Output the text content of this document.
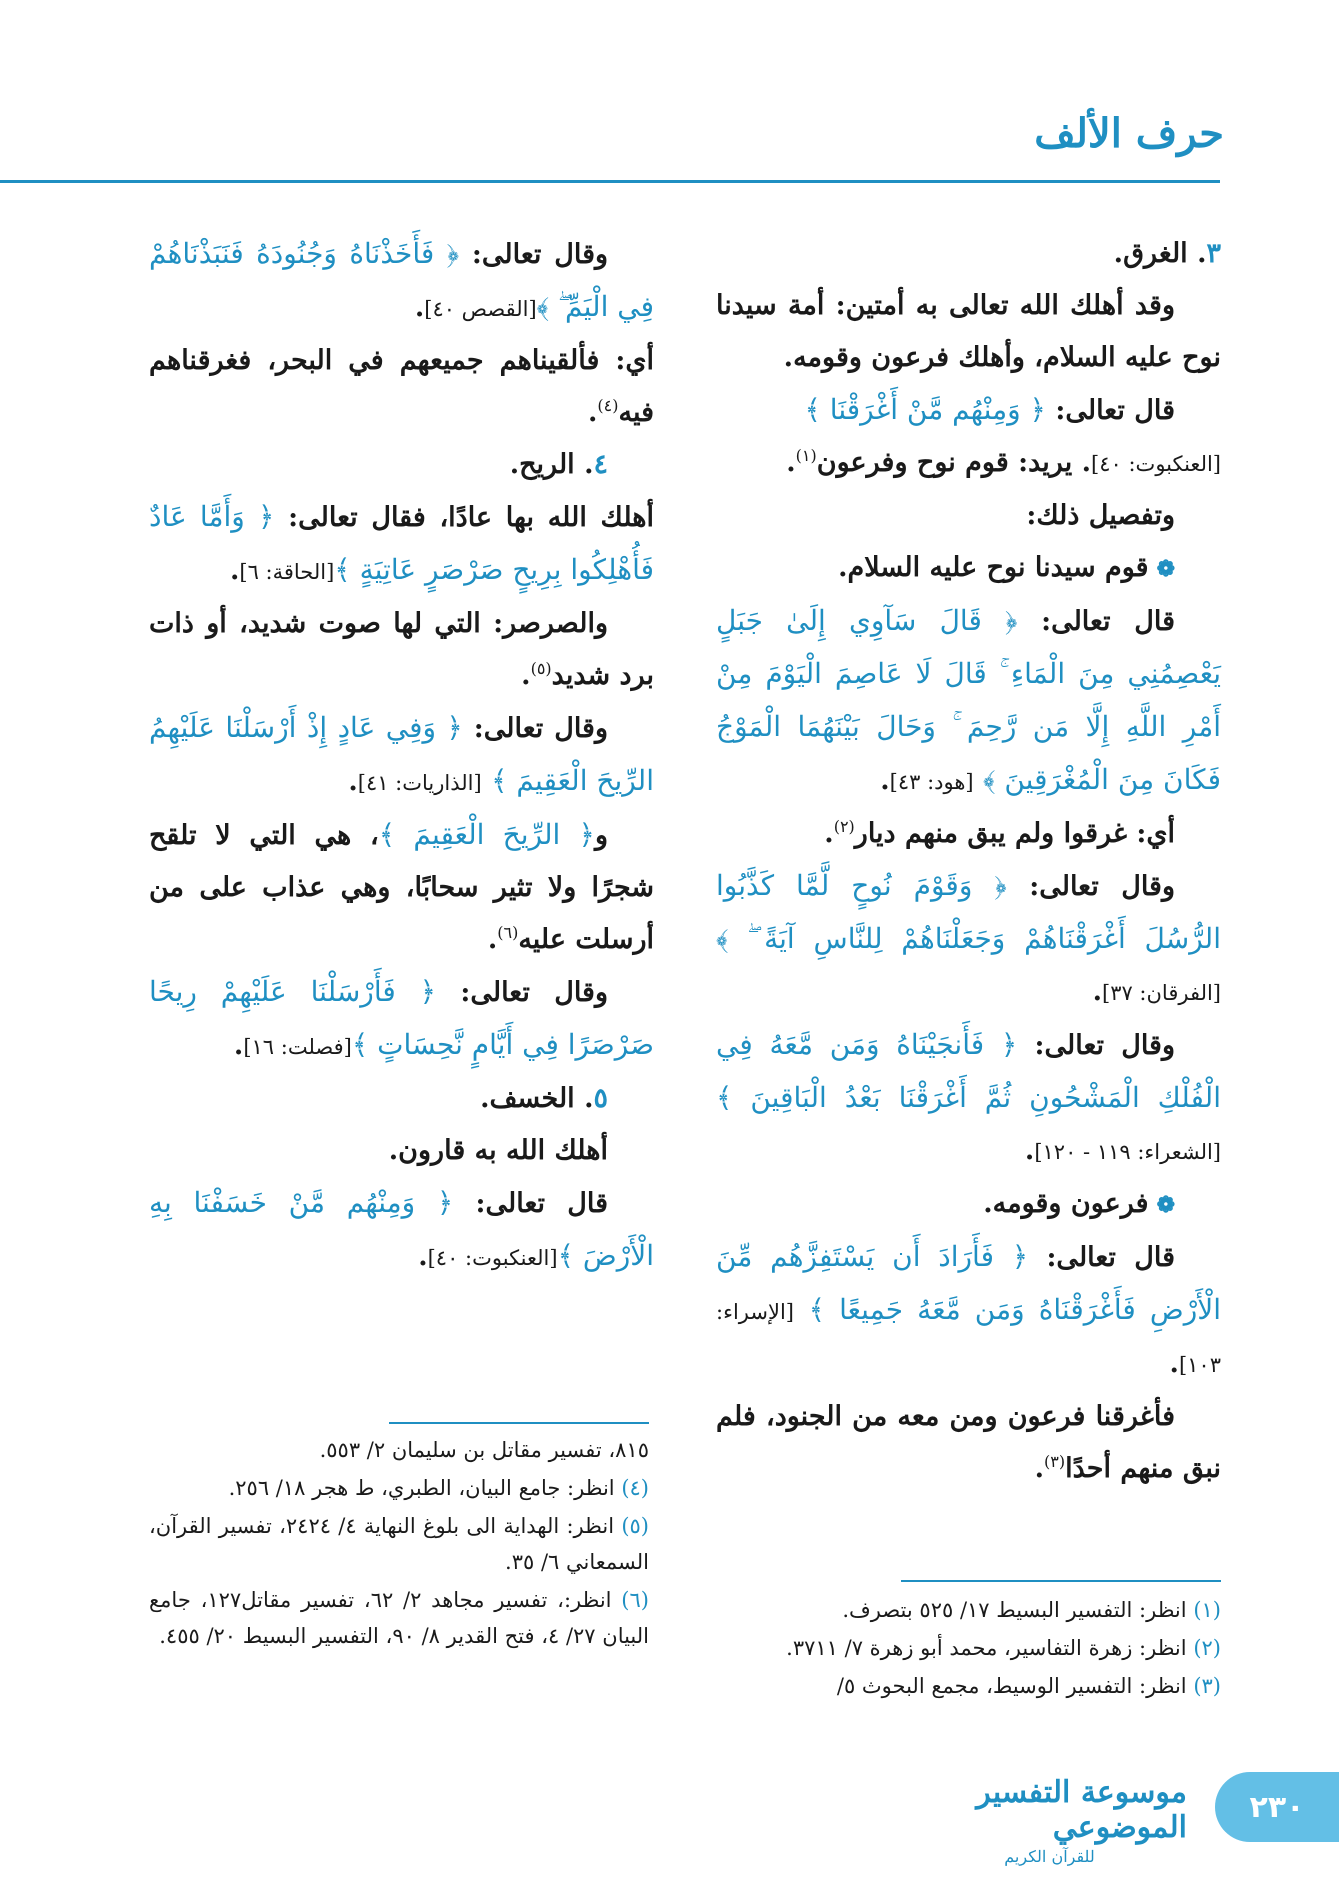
حرف الألف

٣. الغرق.

وقد أهلك الله تعالى به أمتين: أمة سيدنا نوح عليه السلام، وأهلك فرعون وقومه.

قال تعالى: ﴿ وَمِنْهُم مَّنْ أَغْرَقْنَا ﴾

[العنكبوت: ٤٠]. يريد: قوم نوح وفرعون$^{(١)}$.

وتفصيل ذلك:

❁قوم سيدنا نوح عليه السلام.

قال تعالى: ﴿ قَالَ سَآوِي إِلَىٰ جَبَلٍ يَعْصِمُنِي مِنَ الْمَاءِ ۚ قَالَ لَا عَاصِمَ الْيَوْمَ مِنْ أَمْرِ اللَّهِ إِلَّا مَن رَّحِمَ ۚ وَحَالَ بَيْنَهُمَا الْمَوْجُ فَكَانَ مِنَ الْمُغْرَقِينَ ﴾ [هود: ٤٣].

أي: غرقوا ولم يبق منهم ديار$^{(٢)}$.

وقال تعالى: ﴿ وَقَوْمَ نُوحٍ لَّمَّا كَذَّبُوا الرُّسُلَ أَغْرَقْنَاهُمْ وَجَعَلْنَاهُمْ لِلنَّاسِ آيَةً ۖ ﴾ [الفرقان: ٣٧].

وقال تعالى: ﴿ فَأَنجَيْنَاهُ وَمَن مَّعَهُ فِي الْفُلْكِ الْمَشْحُونِ ثُمَّ أَغْرَقْنَا بَعْدُ الْبَاقِينَ ﴾ [الشعراء: ١١٩ - ١٢٠].

❁فرعون وقومه.

قال تعالى: ﴿ فَأَرَادَ أَن يَسْتَفِزَّهُم مِّنَ الْأَرْضِ فَأَغْرَقْنَاهُ وَمَن مَّعَهُ جَمِيعًا ﴾ [الإسراء: ١٠٣].

فأغرقنا فرعون ومن معه من الجنود، فلم نبق منهم أحدًا$^{(٣)}$.

وقال تعالى: ﴿ فَأَخَذْنَاهُ وَجُنُودَهُ فَنَبَذْنَاهُمْ فِي الْيَمِّ ۖ ﴾[القصص ٤٠].

أي: فألقيناهم جميعهم في البحر، فغرقناهم فيه$^{(٤)}$.

٤. الريح.

أهلك الله بها عادًا، فقال تعالى: ﴿ وَأَمَّا عَادٌ فَأُهْلِكُوا بِرِيحٍ صَرْصَرٍ عَاتِيَةٍ ﴾[الحاقة: ٦].

والصرصر: التي لها صوت شديد، أو ذات برد شديد$^{(٥)}$.

وقال تعالى: ﴿ وَفِي عَادٍ إِذْ أَرْسَلْنَا عَلَيْهِمُ الرِّيحَ الْعَقِيمَ ﴾ [الذاريات: ٤١].

و﴿ الرِّيحَ الْعَقِيمَ ﴾، هي التي لا تلقح شجرًا ولا تثير سحابًا، وهي عذاب على من أرسلت عليه$^{(٦)}$.

وقال تعالى: ﴿ فَأَرْسَلْنَا عَلَيْهِمْ رِيحًا صَرْصَرًا فِي أَيَّامٍ نَّحِسَاتٍ ﴾[فصلت: ١٦].

٥. الخسف.

أهلك الله به قارون.

قال تعالى: ﴿ وَمِنْهُم مَّنْ خَسَفْنَا بِهِ الْأَرْضَ ﴾[العنكبوت: ٤٠].

٨١٥، تفسير مقاتل بن سليمان ٢/ ٥٥٣.

(٤) انظر: جامع البيان، الطبري، ط هجر ١٨/ ٢٥٦.

(٥) انظر: الهداية الى بلوغ النهاية ٤/ ٢٤٢٤، تفسير القرآن، السمعاني ٦/ ٣٥.

(٦) انظر:، تفسير مجاهد ٢/ ٦٢، تفسير مقاتل١٢٧، جامع البيان ٢٧/ ٤، فتح القدير ٨/ ٩٠، التفسير البسيط ٢٠/ ٤٥٥.

(١) انظر: التفسير البسيط ١٧/ ٥٢٥ بتصرف.

(٢) انظر: زهرة التفاسير، محمد أبو زهرة ٧/ ٣٧١١.

(٣) انظر: التفسير الوسيط، مجمع البحوث ٥/

موسوعة التفسير الموضوعي
للقرآن الكريم
٢٣٠
